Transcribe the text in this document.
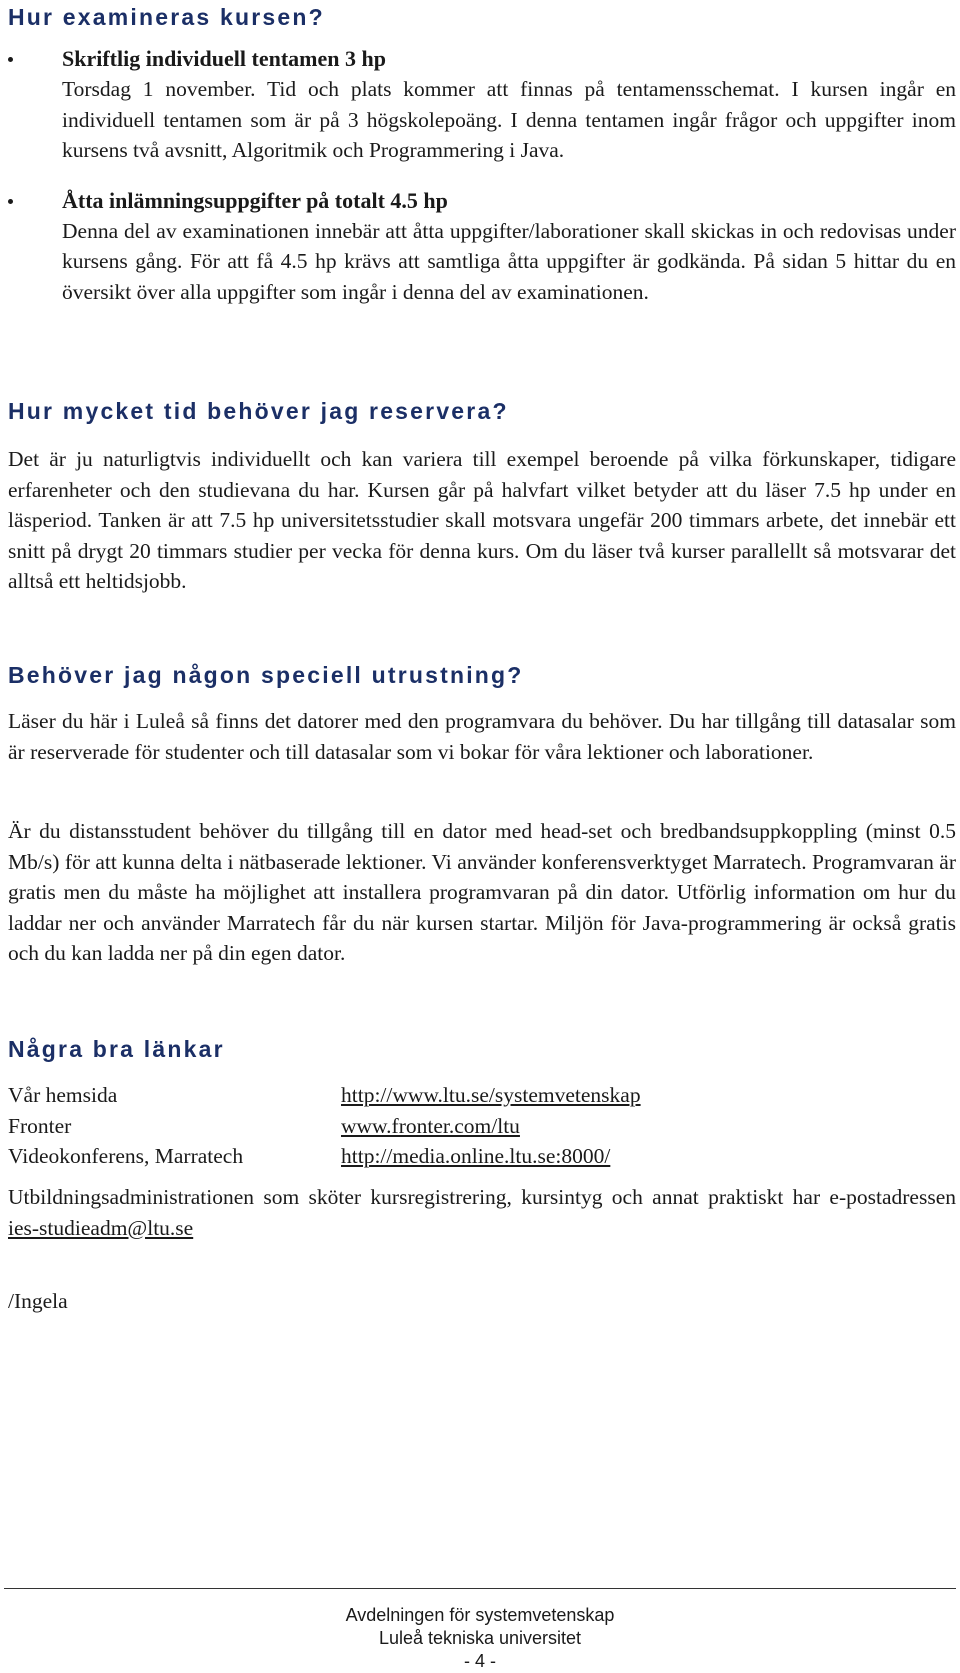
Hur examineras kursen?
Skriftlig individuell tentamen 3 hp

Torsdag 1 november. Tid och plats kommer att finnas på tentamensschemat. I kursen ingår en individuell tentamen som är på 3 högskolepoäng. I denna tentamen ingår frågor och uppgifter inom kursens två avsnitt, Algoritmik och Programmering i Java.

Åtta inlämningsuppgifter på totalt 4.5 hp

Denna del av examinationen innebär att åtta uppgifter/laborationer skall skickas in och redovisas under kursens gång. För att få 4.5 hp krävs att samtliga åtta uppgifter är godkända. På sidan 5 hittar du en översikt över alla uppgifter som ingår i denna del av examinationen.

Hur mycket tid behöver jag reservera?

Det är ju naturligtvis individuellt och kan variera till exempel beroende på vilka förkunskaper, tidigare erfarenheter och den studievana du har. Kursen går på halvfart vilket betyder att du läser 7.5 hp under en läsperiod. Tanken är att 7.5 hp universitetsstudier skall motsvara ungefär 200 timmars arbete, det innebär ett snitt på drygt 20 timmars studier per vecka för denna kurs. Om du läser två kurser parallellt så motsvarar det alltså ett heltidsjobb.

Behöver jag någon speciell utrustning?

Läser du här i Luleå så finns det datorer med den programvara du behöver. Du har tillgång till datasalar som är reserverade för studenter och till datasalar som vi bokar för våra lektioner och laborationer.

Är du distansstudent behöver du tillgång till en dator med head-set och bredbandsuppkoppling (minst 0.5 Mb/s) för att kunna delta i nätbaserade lektioner. Vi använder konferensverktyget Marratech. Programvaran är gratis men du måste ha möjlighet att installera programvaran på din dator. Utförlig information om hur du laddar ner och använder Marratech får du när kursen startar. Miljön för Java-programmering är också gratis och du kan ladda ner på din egen dator.

Några bra länkar
Vår hemsida	http://www.ltu.se/systemvetenskap
Fronter	www.fronter.com/ltu
Videokonferens, Marratech	http://media.online.ltu.se:8000/

Utbildningsadministrationen som sköter kursregistrering, kursintyg och annat praktiskt har e-postadressen ies-studieadm@ltu.se

/Ingela

Avdelningen för systemvetenskap
Luleå tekniska universitet
- 4 -
